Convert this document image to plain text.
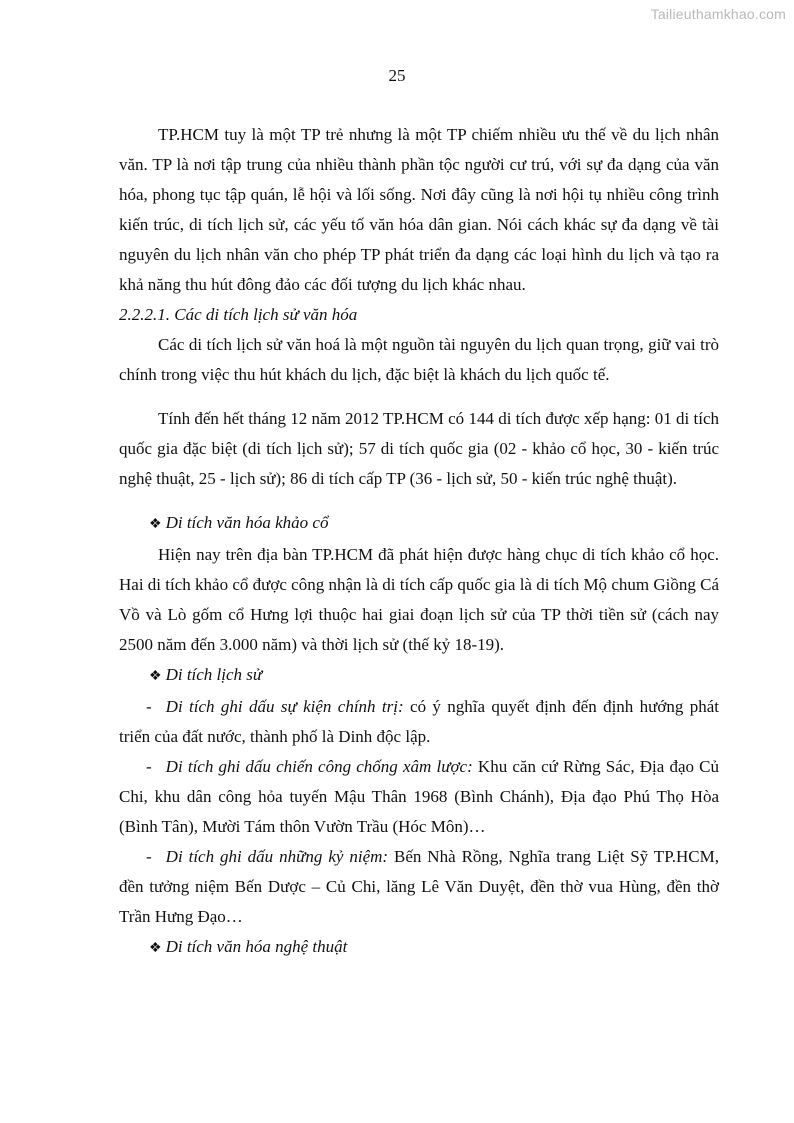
Tailieuthamkhao.com
25

TP.HCM tuy là một TP trẻ nhưng là một TP chiếm nhiều ưu thế về du lịch nhân văn. TP là nơi tập trung của nhiều thành phần tộc người cư trú, với sự đa dạng của văn hóa, phong tục tập quán, lễ hội và lối sống. Nơi đây cũng là nơi hội tụ nhiều công trình kiến trúc, di tích lịch sử, các yếu tố văn hóa dân gian. Nói cách khác sự đa dạng về tài nguyên du lịch nhân văn cho phép TP phát triển đa dạng các loại hình du lịch và tạo ra khả năng thu hút đông đảo các đối tượng du lịch khác nhau.

2.2.2.1. Các di tích lịch sử văn hóa

Các di tích lịch sử văn hoá là một nguồn tài nguyên du lịch quan trọng, giữ vai trò chính trong việc thu hút khách du lịch, đặc biệt là khách du lịch quốc tế.

Tính đến hết tháng 12 năm 2012 TP.HCM có 144 di tích được xếp hạng: 01 di tích quốc gia đặc biệt (di tích lịch sử); 57 di tích quốc gia (02 - khảo cổ học, 30 - kiến trúc nghệ thuật, 25 - lịch sử); 86 di tích cấp TP (36 - lịch sử, 50 - kiến trúc nghệ thuật).

❖ Di tích văn hóa khảo cổ

Hiện nay trên địa bàn TP.HCM đã phát hiện được hàng chục di tích khảo cổ học. Hai di tích khảo cổ được công nhận là di tích cấp quốc gia là di tích Mộ chum Giồng Cá Vồ và Lò gốm cổ Hưng lợi thuộc hai giai đoạn lịch sử của TP thời tiền sử (cách nay 2500 năm đến 3.000 năm) và thời lịch sử (thế kỷ 18-19).

❖ Di tích lịch sử

- Di tích ghi dấu sự kiện chính trị: có ý nghĩa quyết định đến định hướng phát triển của đất nước, thành phố là Dinh độc lập.

- Di tích ghi dấu chiến công chống xâm lược: Khu căn cứ Rừng Sác, Địa đạo Củ Chi, khu dân công hỏa tuyến Mậu Thân 1968 (Bình Chánh), Địa đạo Phú Thọ Hòa (Bình Tân), Mười Tám thôn Vườn Trầu (Hóc Môn)…

- Di tích ghi dấu những kỷ niệm: Bến Nhà Rồng, Nghĩa trang Liệt Sỹ TP.HCM, đền tưởng niệm Bến Dược – Củ Chi, lăng Lê Văn Duyệt, đền thờ vua Hùng, đền thờ Trần Hưng Đạo…

❖ Di tích văn hóa nghệ thuật
